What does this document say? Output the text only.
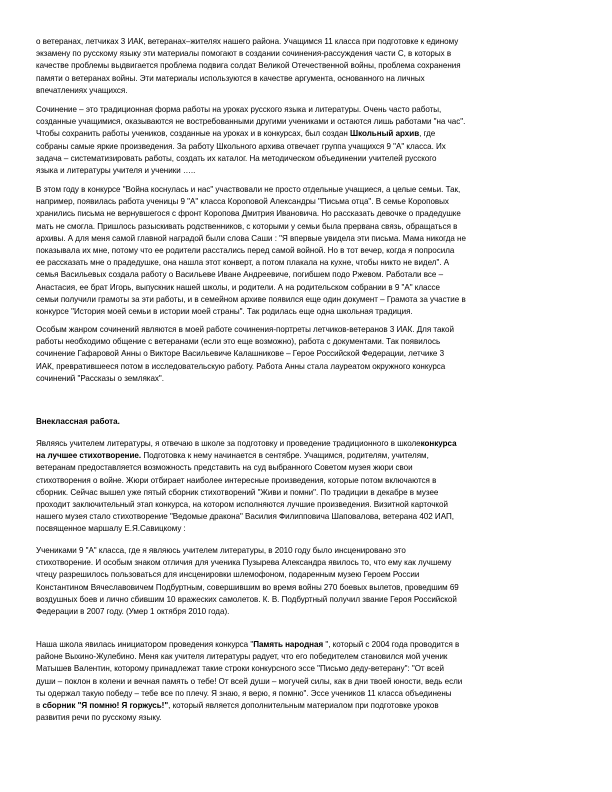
о ветеранах, летчиках 3 ИАК, ветеранах–жителях нашего района. Учащимся 11 класса при подготовке к единому
экзамену по русскому языку эти материалы помогают в создании сочинения-рассуждения части С, в которых в
качестве проблемы выдвигается проблема подвига солдат Великой Отечественной войны, проблема сохранения
памяти о ветеранах войны. Эти материалы используются в качестве аргумента, основанного на личных
впечатлениях учащихся.
Сочинение – это традиционная форма работы на уроках русского языка и литературы. Очень часто работы,
созданные учащимися, оказываются не востребованными другими учениками и остаются лишь работами "на час".
Чтобы сохранить работы учеников, созданные на уроках и в конкурсах, был создан Школьный архив, где
собраны самые яркие произведения. За работу Школьного архива отвечает группа учащихся 9 "А" класса. Их
задача – систематизировать работы, создать их каталог. На методическом объединении учителей русского
языка и литературы учителя и ученики …..
В этом году в конкурсе "Война коснулась и нас" участвовали не просто отдельные учащиеся, а целые семьи. Так,
например, появилась работа ученицы 9 "А" класса Короповой Александры "Письма отца". В семье Короповых
хранились письма не вернувшегося с фронт Коропова Дмитрия Ивановича. Но рассказать девочке о прадедушке
мать не смогла. Пришлось разыскивать родственников, с которыми у семьи была прервана связь, обращаться в
архивы. А для меня самой главной наградой были слова Саши : "Я впервые увидела эти письма. Мама никогда не
показывала их мне, потому что ее родители расстались перед самой войной. Но в тот вечер, когда я попросила
ее рассказать мне о прадедушке, она нашла этот конверт, а потом плакала на кухне, чтобы никто не видел". А
семья Васильевых создала работу о Васильеве Иване Андреевиче, погибшем подо Ржевом. Работали все –
Анастасия, ее брат Игорь, выпускник нашей школы, и родители. А на родительском собрании в 9 "А" классе
семьи получили грамоты за эти работы, и в семейном архиве появился еще один документ – Грамота за участие в
конкурсе "История моей семьи в истории моей страны". Так родилась еще одна школьная традиция.
Особым жанром сочинений являются в моей работе сочинения-портреты летчиков-ветеранов 3 ИАК. Для такой
работы необходимо общение с ветеранами (если это еще возможно), работа с документами. Так появилось
сочинение Гафаровой Анны о Викторе Васильевиче Калашникове – Герое Российской Федерации, летчике 3
ИАК, превратившееся потом в исследовательскую работу. Работа Анны стала лауреатом окружного конкурса
сочинений "Рассказы о земляках".
Внеклассная работа.
Являясь учителем литературы, я отвечаю в школе за подготовку и проведение традиционного в школеконкурса
на лучшее стихотворение. Подготовка к нему начинается в сентябре. Учащимся, родителям, учителям,
ветеранам предоставляется возможность представить на суд выбранного Советом музея жюри свои
стихотворения о войне. Жюри отбирает наиболее интересные произведения, которые потом включаются в
сборник. Сейчас вышел уже пятый сборник стихотворений "Живи и помни". По традиции в декабре в музее
проходит заключительный этап конкурса, на котором исполняются лучшие произведения. Визитной карточкой
нашего музея стало стихотворение "Ведомые дракона" Василия Филипповича Шаповалова, ветерана 402 ИАП,
посвященное маршалу Е.Я.Савицкому :
Учениками 9 "А" класса, где я являюсь учителем литературы, в 2010 году было инсценировано это
стихотворение. И особым знаком отличия для ученика Пузырева Александра явилось то, что ему как лучшему
чтецу разрешилось пользоваться для инсценировки шлемофоном, подаренным музею Героем России
Константином Вячеславовичем Подбуртным, совершившим во время войны 270 боевых вылетов, проведшим 69
воздушных боев и лично сбившим 10 вражеских самолетов. К. В. Подбуртный получил звание Героя Российской
Федерации в 2007 году. (Умер 1 октября 2010 года).
Наша школа явилась инициатором проведения конкурса "Память народная ", который с 2004 года проводится в
районе Выхино-Жулебино. Меня как учителя литературы радует, что его победителем становился мой ученик
Матышев Валентин, которому принадлежат такие строки конкурсного эссе "Письмо деду-ветерану": "От всей
души – поклон в колени и вечная память о тебе! От всей души – могучей силы, как в дни твоей юности, ведь если
ты одержал такую победу – тебе все по плечу. Я знаю, я верю, я помню". Эссе учеников 11 класса объединены
в сборник "Я помню! Я горжусь!", который является дополнительным материалом при подготовке уроков
развития речи по русскому языку.
